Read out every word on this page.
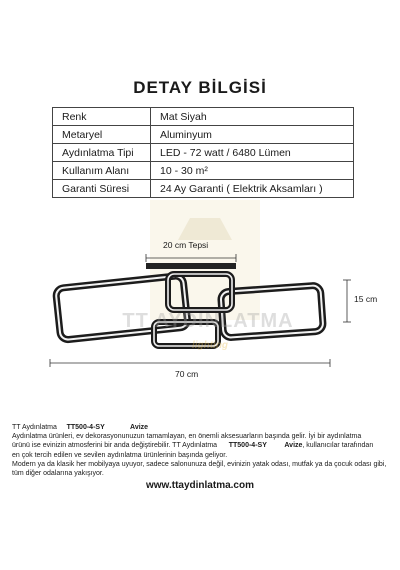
DETAY BİLGİSİ
Renk	Mat Siyah
Metaryel	Aluminyum
Aydınlatma Tipi	LED - 72 watt / 6480 Lümen
Kullanım Alanı	10 - 30 m²
Garanti Süresi	24 Ay Garanti ( Elektrik Aksamları )
TT AYDINLATMA
lighting
20 cm Tepsi
15 cm
70 cm
TT Aydınlatma TT500-4-SY	Avize
Aydınlatma ürünleri, ev dekorasyonunuzun tamamlayan, en önemli aksesuarların başında gelir. İyi bir aydınlatma
ürünü ise evinizin atmosferini bir anda değiştirebilir. TT Aydınlatma TT500-4-SY	Avize, kullanıcılar tarafından
en çok tercih edilen ve sevilen aydınlatma ürünlerinin başında geliyor.
Modern ya da klasik her mobilyaya uyuyor, sadece salonunuza değil, evinizin yatak odası, mutfak ya da çocuk odası gibi,
tüm diğer odalarına yakışıyor.
www.ttaydinlatma.com
